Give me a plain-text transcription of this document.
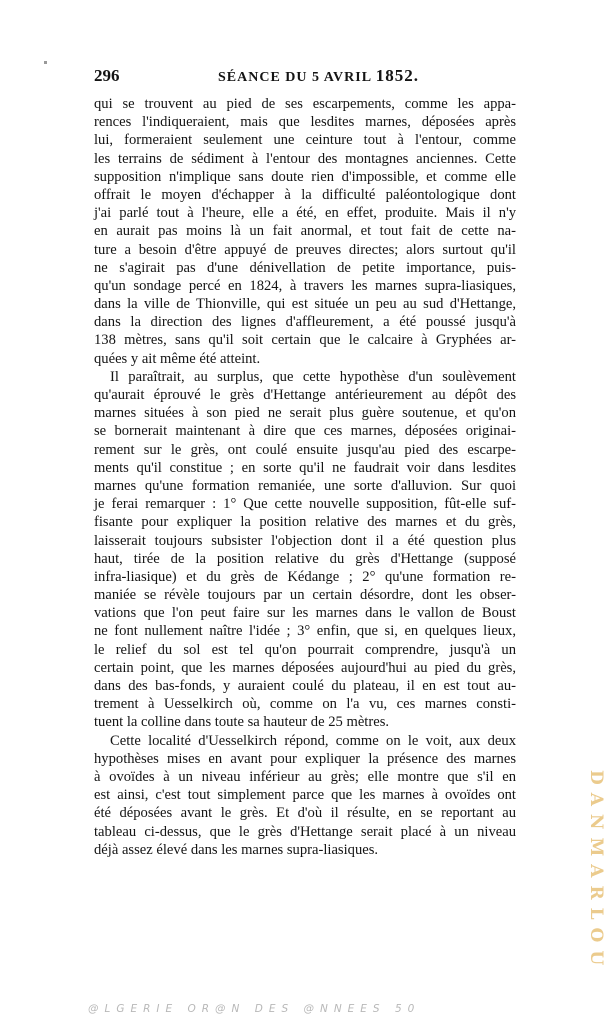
296	SÉANCE DU 5 AVRIL 1852.
qui se trouvent au pied de ses escarpements, comme les appa-
rences l'indiqueraient, mais que lesdites marnes, déposées après
lui, formeraient seulement une ceinture tout à l'entour, comme
les terrains de sédiment à l'entour des montagnes anciennes. Cette
supposition n'implique sans doute rien d'impossible, et comme elle
offrait le moyen d'échapper à la difficulté paléontologique dont
j'ai parlé tout à l'heure, elle a été, en effet, produite. Mais il n'y
en aurait pas moins là un fait anormal, et tout fait de cette na-
ture a besoin d'être appuyé de preuves directes; alors surtout qu'il
ne s'agirait pas d'une dénivellation de petite importance, puis-
qu'un sondage percé en 1824, à travers les marnes supra-liasiques,
dans la ville de Thionville, qui est située un peu au sud d'Hettange,
dans la direction des lignes d'affleurement, a été poussé jusqu'à
138 mètres, sans qu'il soit certain que le calcaire à Gryphées ar-
quées y ait même été atteint.
Il paraîtrait, au surplus, que cette hypothèse d'un soulèvement
qu'aurait éprouvé le grès d'Hettange antérieurement au dépôt des
marnes situées à son pied ne serait plus guère soutenue, et qu'on
se bornerait maintenant à dire que ces marnes, déposées originai-
rement sur le grès, ont coulé ensuite jusqu'au pied des escarpe-
ments qu'il constitue ; en sorte qu'il ne faudrait voir dans lesdites
marnes qu'une formation remaniée, une sorte d'alluvion. Sur quoi
je ferai remarquer : 1° Que cette nouvelle supposition, fût-elle suf-
fisante pour expliquer la position relative des marnes et du grès,
laisserait toujours subsister l'objection dont il a été question plus
haut, tirée de la position relative du grès d'Hettange (supposé
infra-liasique) et du grès de Kédange ; 2° qu'une formation re-
maniée se révèle toujours par un certain désordre, dont les obser-
vations que l'on peut faire sur les marnes dans le vallon de Boust
ne font nullement naître l'idée ; 3° enfin, que si, en quelques lieux,
le relief du sol est tel qu'on pourrait comprendre, jusqu'à un
certain point, que les marnes déposées aujourd'hui au pied du grès,
dans des bas-fonds, y auraient coulé du plateau, il en est tout au-
trement à Uesselkirch où, comme on l'a vu, ces marnes consti-
tuent la colline dans toute sa hauteur de 25 mètres.
Cette localité d'Uesselkirch répond, comme on le voit, aux deux
hypothèses mises en avant pour expliquer la présence des marnes
à ovoïdes à un niveau inférieur au grès; elle montre que s'il en
est ainsi, c'est tout simplement parce que les marnes à ovoïdes ont
été déposées avant le grès. Et d'où il résulte, en se reportant au
tableau ci-dessus, que le grès d'Hettange serait placé à un niveau
déjà assez élevé dans les marnes supra-liasiques.	DANMARLOU
@LGERIE OR@N DES @NNEES 50
